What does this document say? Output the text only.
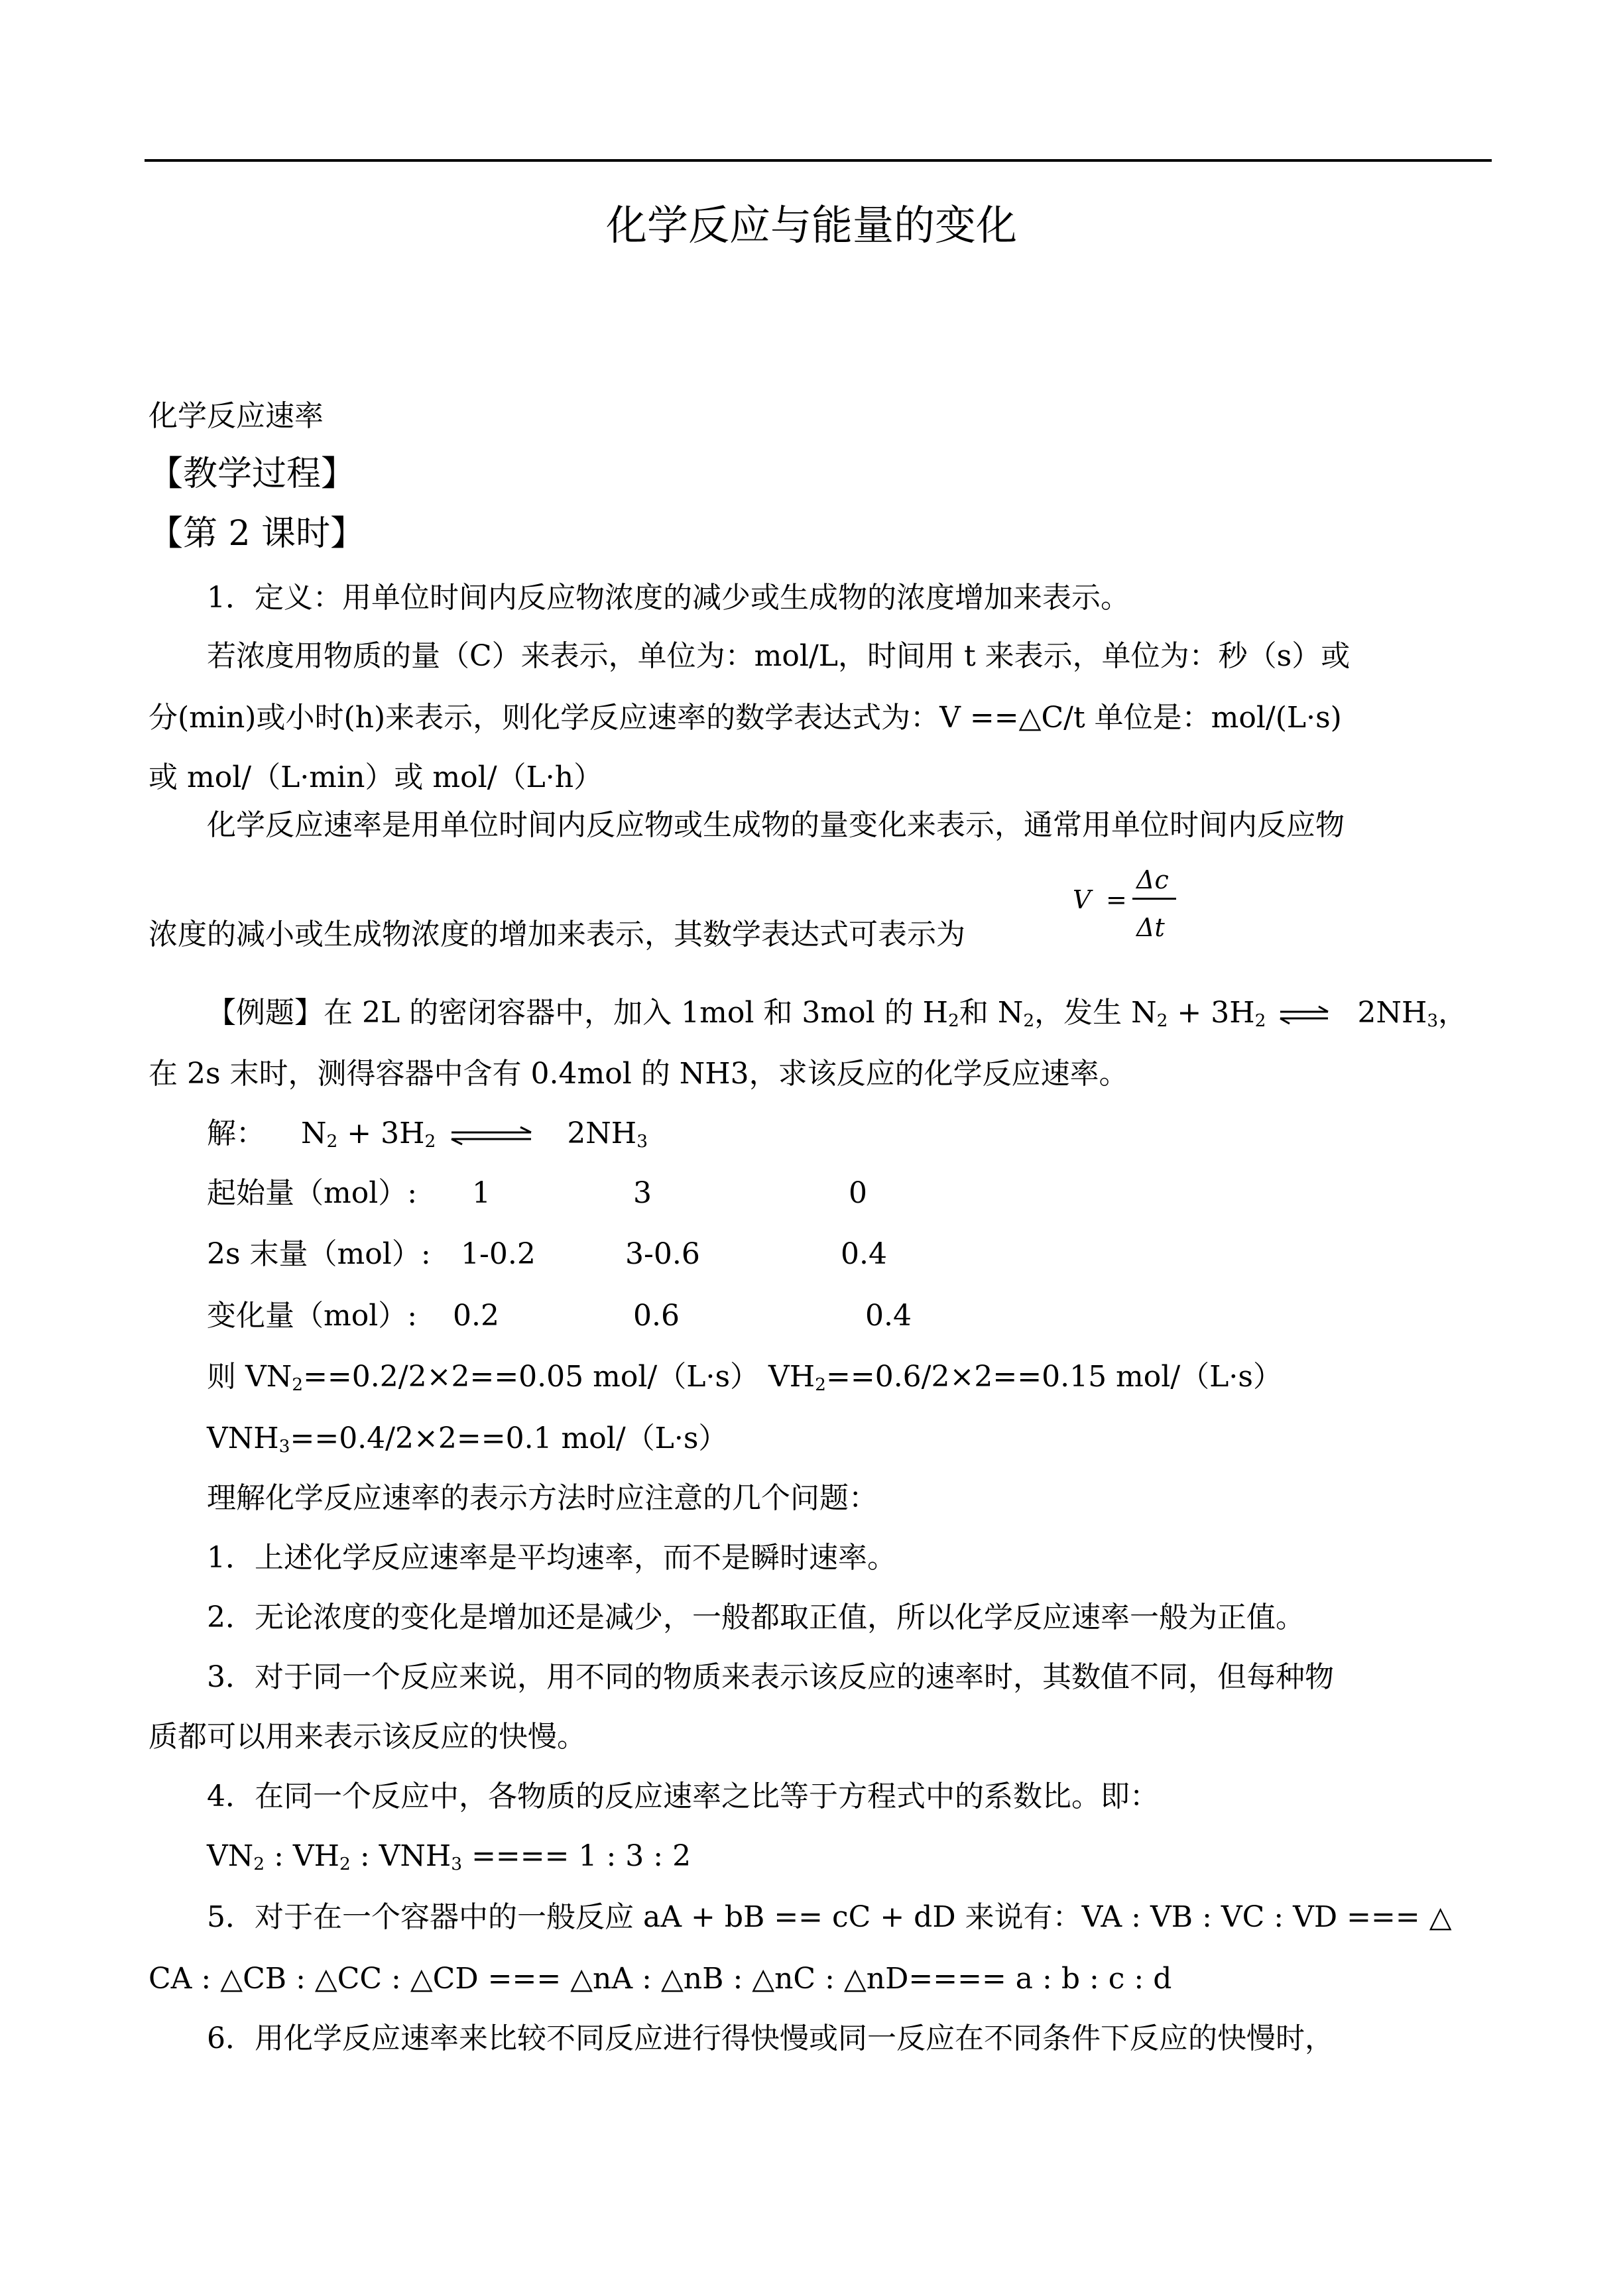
化学反应与能量的变化
化学反应速率
【教学过程】
【第 2 课时】
1．定义：用单位时间内反应物浓度的减少或生成物的浓度增加来表示。
若浓度用物质的量（C）来表示，单位为：mol/L，时间用 t 来表示，单位为：秒（s）或
分(min)或小时(h)来表示，则化学反应速率的数学表达式为：V ==△C/t 单位是：mol/(L·s)
或 mol/（L·min）或 mol/（L·h）
化学反应速率是用单位时间内反应物或生成物的量变化来表示，通常用单位时间内反应物
浓度的减小或生成物浓度的增加来表示，其数学表达式可表示为
V =
Δc
Δt
【例题】在 2L 的密闭容器中，加入 1mol 和 3mol 的 $H_2$和 $N_2$，发生 $N_2 + 3H_2$ ⇌ $2NH_3$，
在 2s 末时，测得容器中含有 0.4mol 的 NH3，求该反应的化学反应速率。
解： $N_2 + 3H_2$ ⇌ $2NH_3$
起始量（mol）: 1	3	0
2s 末量（mol）: 1-0.2	3-0.6	0.4
变化量（mol）: 0.2	0.6	0.4
则 $VN_2==0.2/2\times 2==0.05$ mol/（L·s） $VH_2==0.6/2\times 2==0.15$ mol/（L·s）
$VNH_3==0.4/2\times 2==0.1$ mol/（L·s）
理解化学反应速率的表示方法时应注意的几个问题：
1．上述化学反应速率是平均速率，而不是瞬时速率。
2．无论浓度的变化是增加还是减少，一般都取正值，所以化学反应速率一般为正值。
3．对于同一个反应来说，用不同的物质来表示该反应的速率时，其数值不同，但每种物
质都可以用来表示该反应的快慢。
4．在同一个反应中，各物质的反应速率之比等于方程式中的系数比。即：
$VN_2$ : $VH_2$ : $VNH_3$ ==== 1 : 3 : 2
5．对于在一个容器中的一般反应 aA + bB == cC + dD 来说有：VA : VB : VC : VD === △
CA : △CB : △CC : △CD === △nA : △nB : △nC : △nD==== a : b : c : d
6．用化学反应速率来比较不同反应进行得快慢或同一反应在不同条件下反应的快慢时，
